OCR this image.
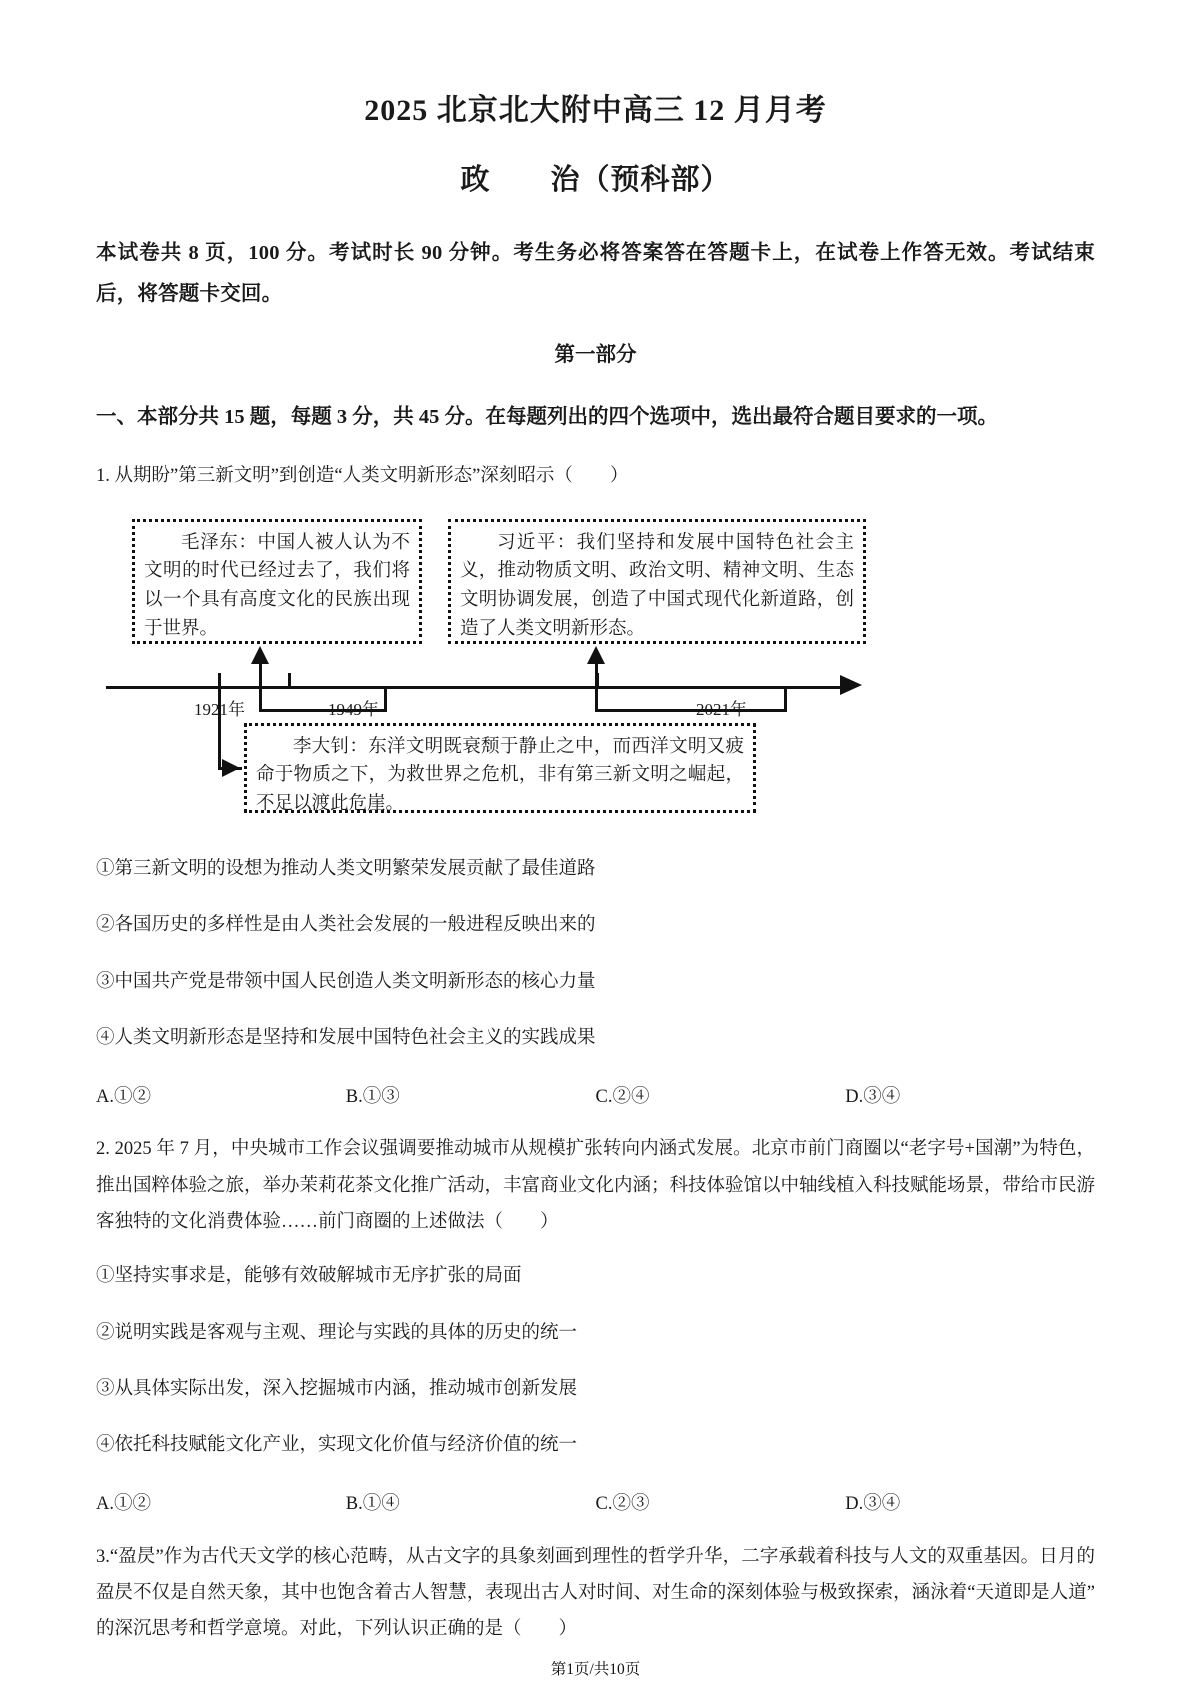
2025 北京北大附中高三 12 月月考
政　　治（预科部）

本试卷共 8 页，100 分。考试时长 90 分钟。考生务必将答案答在答题卡上，在试卷上作答无效。考试结束后，将答题卡交回。

第一部分

一、本部分共 15 题，每题 3 分，共 45 分。在每题列出的四个选项中，选出最符合题目要求的一项。

1. 从期盼”第三新文明”到创造“人类文明新形态”深刻昭示（　　）

毛泽东：中国人被人认为不文明的时代已经过去了，我们将以一个具有高度文化的民族出现于世界。

习近平：我们坚持和发展中国特色社会主义，推动物质文明、政治文明、精神文明、生态文明协调发展，创造了中国式现代化新道路，创造了人类文明新形态。

李大钊：东洋文明既衰颓于静止之中，而西洋文明又疲命于物质之下，为救世界之危机，非有第三新文明之崛起，不足以渡此危崖。

1921年	1949年	2021年

①第三新文明的设想为推动人类文明繁荣发展贡献了最佳道路

②各国历史的多样性是由人类社会发展的一般进程反映出来的

③中国共产党是带领中国人民创造人类文明新形态的核心力量

④人类文明新形态是坚持和发展中国特色社会主义的实践成果

A.①②	B.①③	C.②④	D.③④

2. 2025 年 7 月，中央城市工作会议强调要推动城市从规模扩张转向内涵式发展。北京市前门商圈以“老字号+国潮”为特色，推出国粹体验之旅，举办茉莉花茶文化推广活动，丰富商业文化内涵；科技体验馆以中轴线植入科技赋能场景，带给市民游客独特的文化消费体验……前门商圈的上述做法（　　）

①坚持实事求是，能够有效破解城市无序扩张的局面

②说明实践是客观与主观、理论与实践的具体的历史的统一

③从具体实际出发，深入挖掘城市内涵，推动城市创新发展

④依托科技赋能文化产业，实现文化价值与经济价值的统一

A.①②	B.①④	C.②③	D.③④

3.“盈昃”作为古代天文学的核心范畴，从古文字的具象刻画到理性的哲学升华，二字承载着科技与人文的双重基因。日月的盈昃不仅是自然天象，其中也饱含着古人智慧，表现出古人对时间、对生命的深刻体验与极致探索，涵泳着“天道即是人道”的深沉思考和哲学意境。对此，下列认识正确的是（　　）

第1页/共10页
